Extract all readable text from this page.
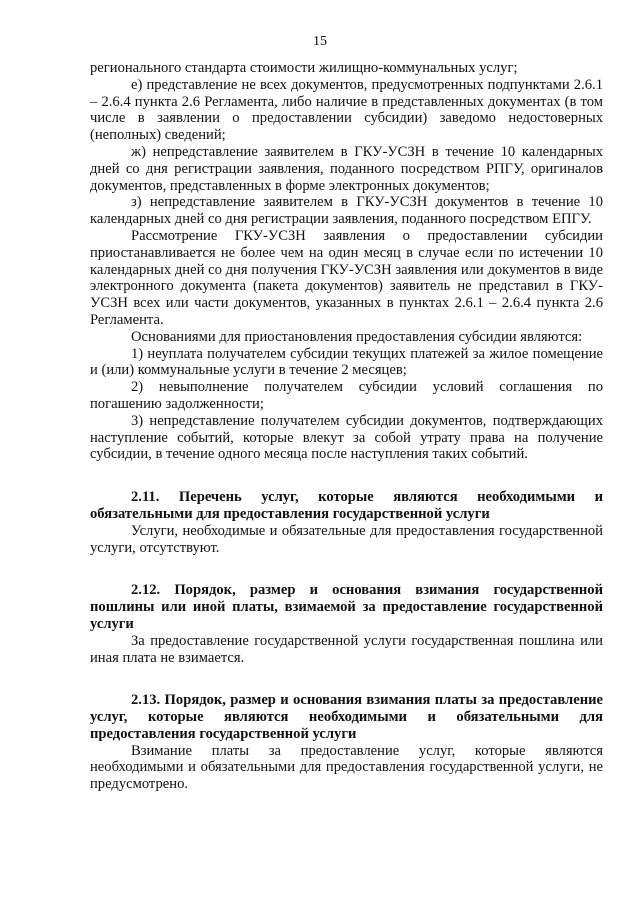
15

регионального стандарта стоимости жилищно-коммунальных услуг;

е) представление не всех документов, предусмотренных подпунктами 2.6.1 – 2.6.4 пункта 2.6 Регламента, либо наличие в представленных документах (в том числе в заявлении о предоставлении субсидии) заведомо недостоверных (неполных) сведений;

ж) непредставление заявителем в ГКУ-УСЗН в течение 10 календарных дней со дня регистрации заявления, поданного посредством РПГУ, оригиналов документов, представленных в форме электронных документов;

з) непредставление заявителем в ГКУ-УСЗН документов в течение 10 календарных дней со дня регистрации заявления, поданного посредством ЕПГУ.

Рассмотрение ГКУ-УСЗН заявления о предоставлении субсидии приостанавливается не более чем на один месяц в случае если по истечении 10 календарных дней со дня получения ГКУ-УСЗН заявления или документов в виде электронного документа (пакета документов) заявитель не представил в ГКУ-УСЗН всех или части документов, указанных в пунктах 2.6.1 – 2.6.4 пункта 2.6 Регламента.

Основаниями для приостановления предоставления субсидии являются:

1) неуплата получателем субсидии текущих платежей за жилое помещение и (или) коммунальные услуги в течение 2 месяцев;

2) невыполнение получателем субсидии условий соглашения по погашению задолженности;

3) непредставление получателем субсидии документов, подтверждающих наступление событий, которые влекут за собой утрату права на получение субсидии, в течение одного месяца после наступления таких событий.

2.11. Перечень услуг, которые являются необходимыми и обязательными для предоставления государственной услуги

Услуги, необходимые и обязательные для предоставления государственной услуги, отсутствуют.

2.12. Порядок, размер и основания взимания государственной пошлины или иной платы, взимаемой за предоставление государственной услуги

За предоставление государственной услуги государственная пошлина или иная плата не взимается.

2.13. Порядок, размер и основания взимания платы за предоставление услуг, которые являются необходимыми и обязательными для предоставления государственной услуги

Взимание платы за предоставление услуг, которые являются необходимыми и обязательными для предоставления государственной услуги, не предусмотрено.
